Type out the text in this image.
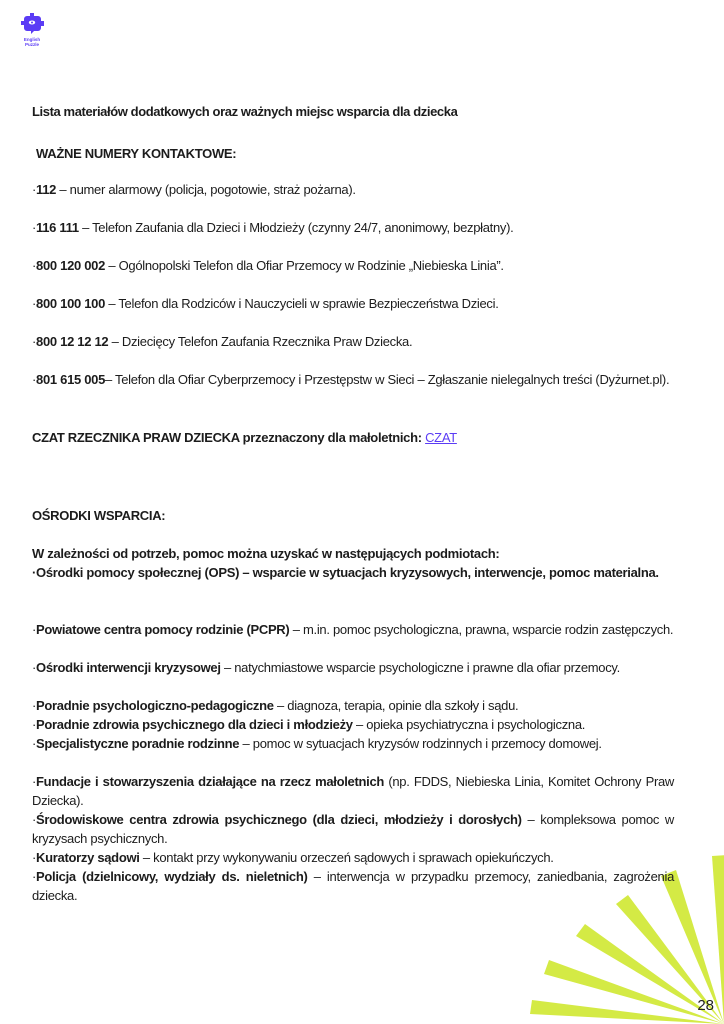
English
Puzzle
Lista materiałów dodatkowych oraz ważnych miejsc wsparcia dla dziecka
WAŻNE NUMERY KONTAKTOWE:
·112 – numer alarmowy (policja, pogotowie, straż pożarna).
·116 111 – Telefon Zaufania dla Dzieci i Młodzieży (czynny 24/7, anonimowy, bezpłatny).
·800 120 002 – Ogólnopolski Telefon dla Ofiar Przemocy w Rodzinie „Niebieska Linia”.
·800 100 100 – Telefon dla Rodziców i Nauczycieli w sprawie Bezpieczeństwa Dzieci.
·800 12 12 12 – Dziecięcy Telefon Zaufania Rzecznika Praw Dziecka.
·801 615 005– Telefon dla Ofiar Cyberprzemocy i Przestępstw w Sieci – Zgłaszanie nielegalnych treści (Dyżurnet.pl).
CZAT RZECZNIKA PRAW DZIECKA przeznaczony dla małoletnich: CZAT
OŚRODKI WSPARCIA:
W zależności od potrzeb, pomoc można uzyskać w następujących podmiotach:
·Ośrodki pomocy społecznej (OPS) – wsparcie w sytuacjach kryzysowych, interwencje, pomoc materialna.
·Powiatowe centra pomocy rodzinie (PCPR) – m.in. pomoc psychologiczna, prawna, wsparcie rodzin zastępczych.
·Ośrodki interwencji kryzysowej – natychmiastowe wsparcie psychologiczne i prawne dla ofiar przemocy.
·Poradnie psychologiczno-pedagogiczne – diagnoza, terapia, opinie dla szkoły i sądu.
·Poradnie zdrowia psychicznego dla dzieci i młodzieży – opieka psychiatryczna i psychologiczna.
·Specjalistyczne poradnie rodzinne – pomoc w sytuacjach kryzysów rodzinnych i przemocy domowej.
·Fundacje i stowarzyszenia działające na rzecz małoletnich (np. FDDS, Niebieska Linia, Komitet Ochrony Praw Dziecka).
·Środowiskowe centra zdrowia psychicznego (dla dzieci, młodzieży i dorosłych) – kompleksowa pomoc w kryzysach psychicznych.
·Kuratorzy sądowi – kontakt przy wykonywaniu orzeczeń sądowych i sprawach opiekuńczych.
·Policja (dzielnicowy, wydziały ds. nieletnich) – interwencja w przypadku przemocy, zaniedbania, zagrożenia dziecka.
28
